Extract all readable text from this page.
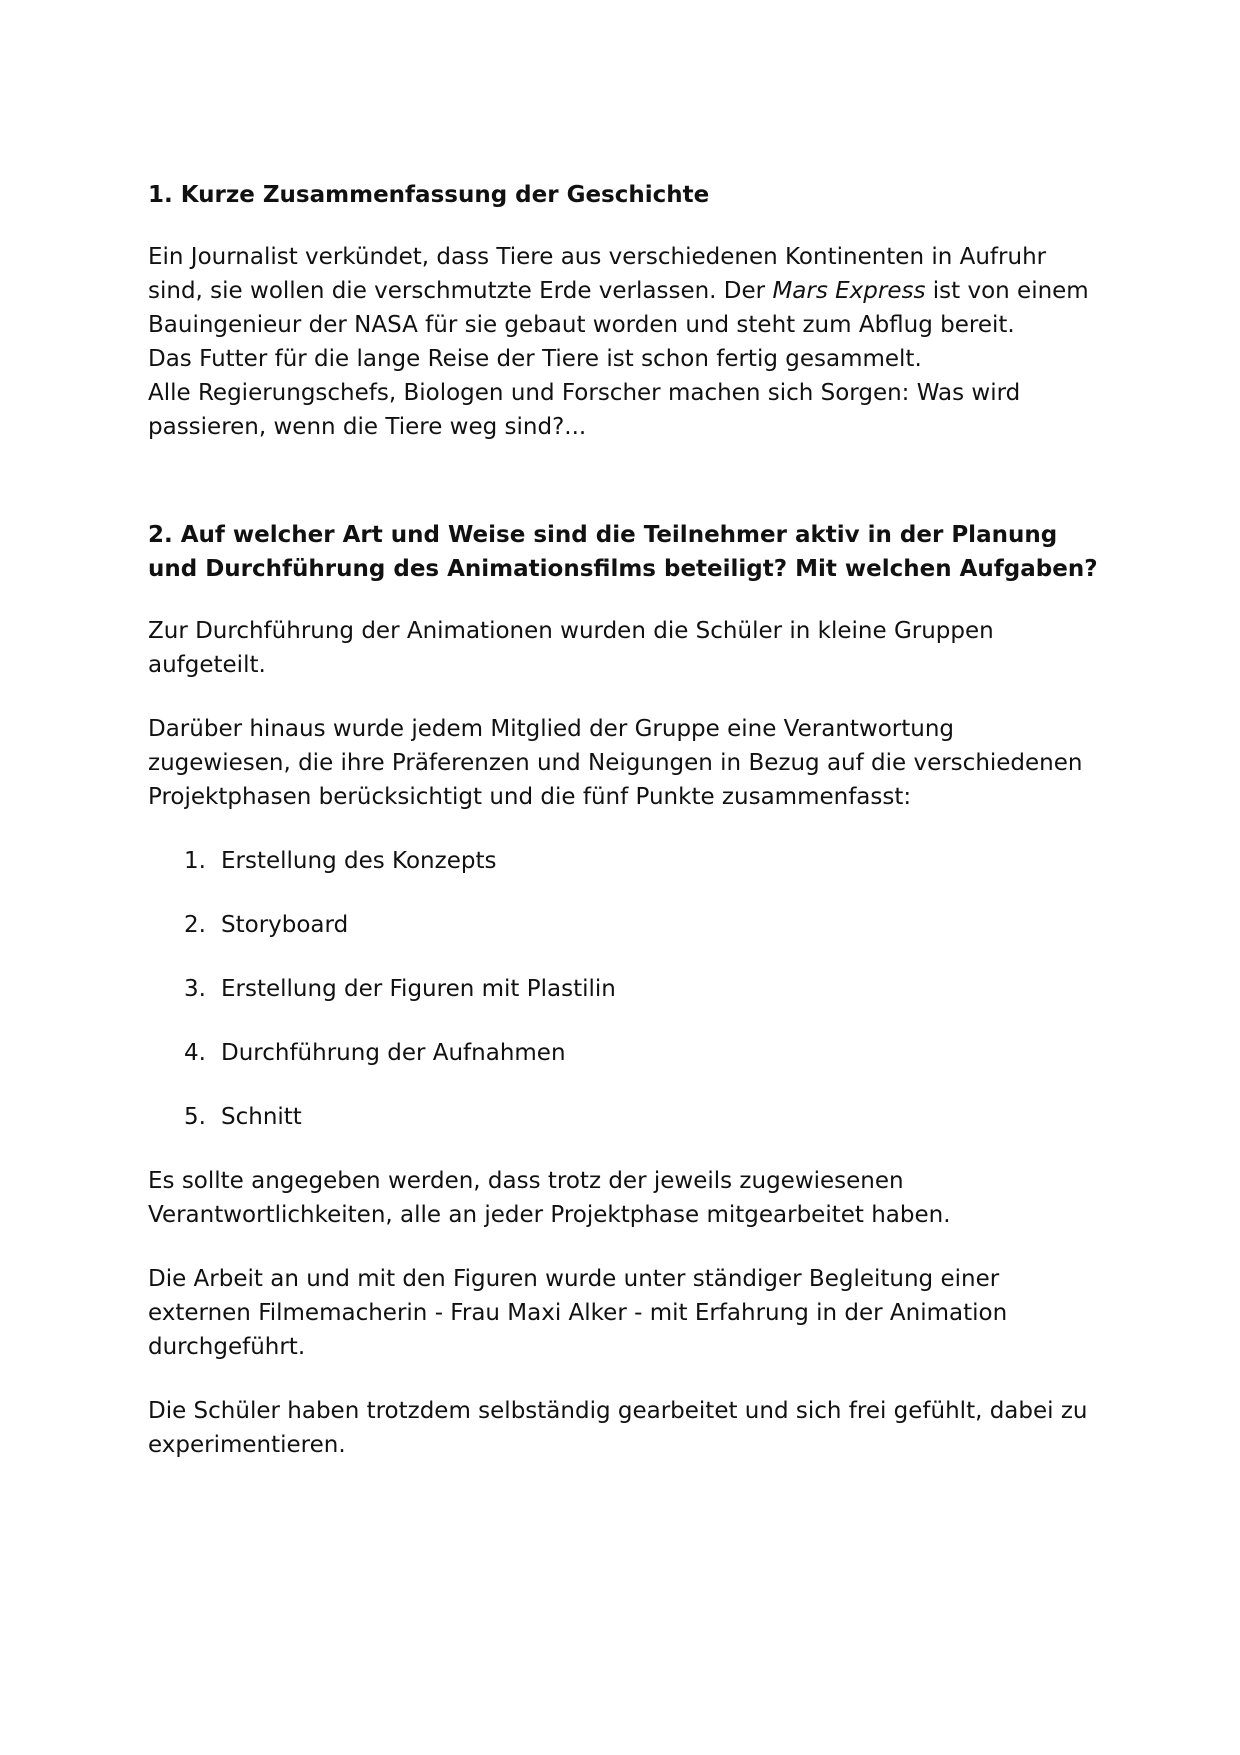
1. Kurze Zusammenfassung der Geschichte

Ein Journalist verkündet, dass Tiere aus verschiedenen Kontinenten in Aufruhr sind, sie wollen die verschmutzte Erde verlassen. Der Mars Express ist von einem Bauingenieur der NASA für sie gebaut worden und steht zum Abflug bereit.

Das Futter für die lange Reise der Tiere ist schon fertig gesammelt.

Alle Regierungschefs, Biologen und Forscher machen sich Sorgen: Was wird passieren, wenn die Tiere weg sind?...

2. Auf welcher Art und Weise sind die Teilnehmer aktiv in der Planung und Durchführung des Animationsfilms beteiligt? Mit welchen Aufgaben?

Zur Durchführung der Animationen wurden die Schüler in kleine Gruppen aufgeteilt.

Darüber hinaus wurde jedem Mitglied der Gruppe eine Verantwortung zugewiesen, die ihre Präferenzen und Neigungen in Bezug auf die verschiedenen Projektphasen berücksichtigt und die fünf Punkte zusammenfasst:

1. Erstellung des Konzepts
2. Storyboard
3. Erstellung der Figuren mit Plastilin
4. Durchführung der Aufnahmen
5. Schnitt

Es sollte angegeben werden, dass trotz der jeweils zugewiesenen Verantwortlichkeiten, alle an jeder Projektphase mitgearbeitet haben.

Die Arbeit an und mit den Figuren wurde unter ständiger Begleitung einer externen Filmemacherin - Frau Maxi Alker - mit Erfahrung in der Animation durchgeführt.

Die Schüler haben trotzdem selbständig gearbeitet und sich frei gefühlt, dabei zu experimentieren.
